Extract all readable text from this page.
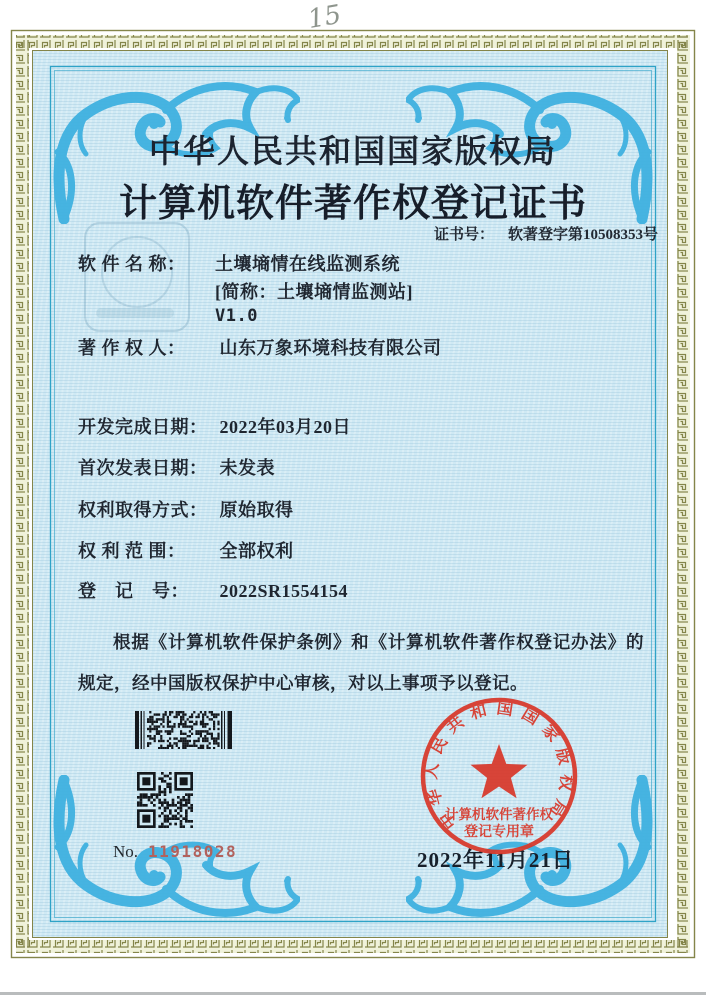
15
中华人民共和国国家版权局
计算机软件著作权登记证书
证书号： 软著登字第10508353号
软 件 名 称：	土壤墒情在线监测系统
[简称：土壤墒情监测站]
V1.0
著 作 权 人： 山东万象环境科技有限公司
开发完成日期： 2022年03月20日
首次发表日期： 未发表
权利取得方式： 原始取得
权 利 范 围： 全部权利
登　记　号： 2022SR1554154
根据《计算机软件保护条例》和《计算机软件著作权登记办法》的规定，经中国版权保护中心审核，对以上事项予以登记。
No. 11918028	2022年11月21日
中华人民共和国国家版权局
计算机软件著作权
登记专用章
